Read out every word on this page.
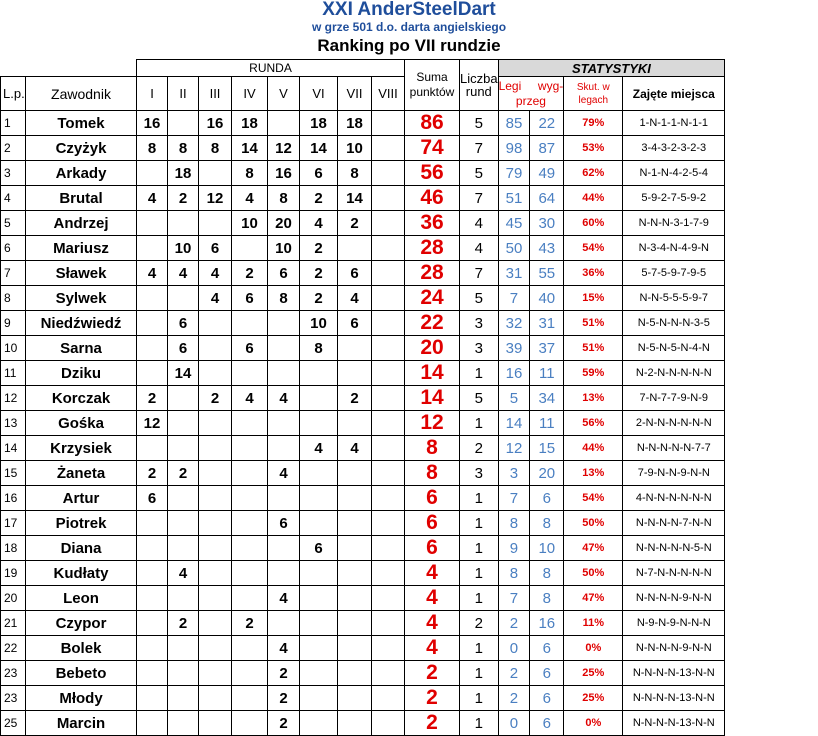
XXI AnderSteelDart
w grze 501 d.o. darta angielskiego
Ranking po VII rundzie
		RUNDA								Suma
punktów	Liczba
rund	STATYSTYKI			
L.p.	Zawodnik	I	II	III	IV	V	VI	VII	VIII			Legi     wyg-
przeg		Skut. w
legach	Zajęte miejsca
1	Tomek	16		16	18		18	18		86	5	85	22	79%	1-N-1-1-N-1-1
2	Czyżyk	8	8	8	14	12	14	10		74	7	98	87	53%	3-4-3-2-3-2-3
3	Arkady		18		8	16	6	8		56	5	79	49	62%	N-1-N-4-2-5-4
4	Brutal	4	2	12	4	8	2	14		46	7	51	64	44%	5-9-2-7-5-9-2
5	Andrzej				10	20	4	2		36	4	45	30	60%	N-N-N-3-1-7-9
6	Mariusz		10	6		10	2			28	4	50	43	54%	N-3-4-N-4-9-N
7	Sławek	4	4	4	2	6	2	6		28	7	31	55	36%	5-7-5-9-7-9-5
8	Sylwek			4	6	8	2	4		24	5	7	40	15%	N-N-5-5-5-9-7
9	Niedźwiedź		6				10	6		22	3	32	31	51%	N-5-N-N-N-3-5
10	Sarna		6		6		8			20	3	39	37	51%	N-5-N-5-N-4-N
11	Dziku		14							14	1	16	11	59%	N-2-N-N-N-N-N
12	Korczak	2		2	4	4		2		14	5	5	34	13%	7-N-7-7-9-N-9
13	Gośka	12								12	1	14	11	56%	2-N-N-N-N-N-N
14	Krzysiek						4	4		8	2	12	15	44%	N-N-N-N-N-7-7
15	Żaneta	2	2			4				8	3	3	20	13%	7-9-N-N-9-N-N
16	Artur	6								6	1	7	6	54%	4-N-N-N-N-N-N
17	Piotrek					6				6	1	8	8	50%	N-N-N-N-7-N-N
18	Diana						6			6	1	9	10	47%	N-N-N-N-N-5-N
19	Kudłaty		4							4	1	8	8	50%	N-7-N-N-N-N-N
20	Leon					4				4	1	7	8	47%	N-N-N-N-9-N-N
21	Czypor		2		2					4	2	2	16	11%	N-9-N-9-N-N-N
22	Bolek					4				4	1	0	6	0%	N-N-N-N-9-N-N
23	Bebeto					2				2	1	2	6	25%	N-N-N-N-13-N-N
23	Młody					2				2	1	2	6	25%	N-N-N-N-13-N-N
25	Marcin					2				2	1	0	6	0%	N-N-N-N-13-N-N
